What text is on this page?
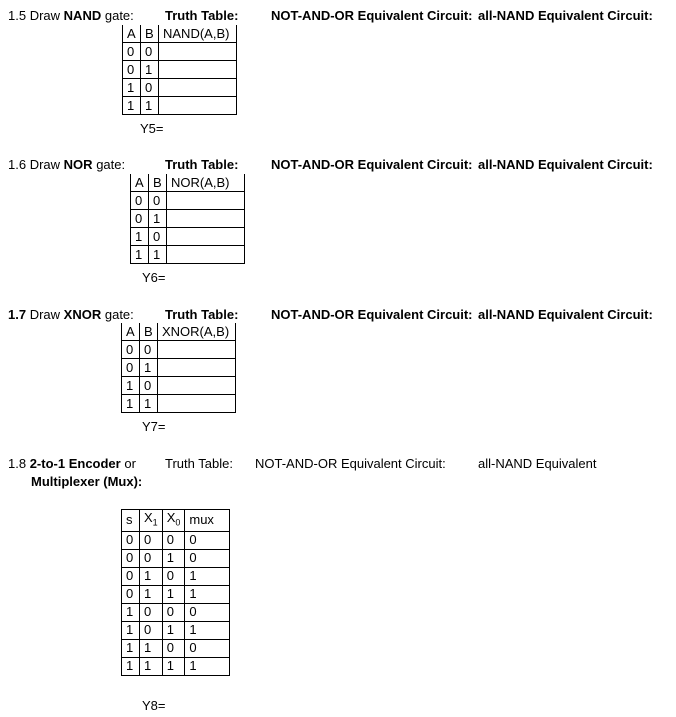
1.5 Draw NAND gate: Truth Table:	NOT-AND-OR Equivalent Circuit: all-NAND Equivalent Circuit:
A	B	NAND(A,B)
0	0	
0	1	
1	0	
1	1	
Y5=
1.6 Draw NOR gate:	Truth Table:	NOT-AND-OR Equivalent Circuit: all-NAND Equivalent Circuit:
A	B	NOR(A,B)
0	0	
0	1	
1	0	
1	1	
Y6=
1.7 Draw XNOR gate: Truth Table:	NOT-AND-OR Equivalent Circuit: all-NAND Equivalent Circuit:
A	B	XNOR(A,B)
0	0	
0	1	
1	0	
1	1	
Y7=
1.8 2-to-1 Encoder or
Multiplexer (Mux):
Truth Table: NOT-AND-OR Equivalent Circuit: all-NAND Equivalent
s	$X_1$	$X_0$	mux
0	0	0	0
0	0	1	0
0	1	0	1
0	1	1	1
1	0	0	0
1	0	1	1
1	1	0	0
1	1	1	1
Y8=
